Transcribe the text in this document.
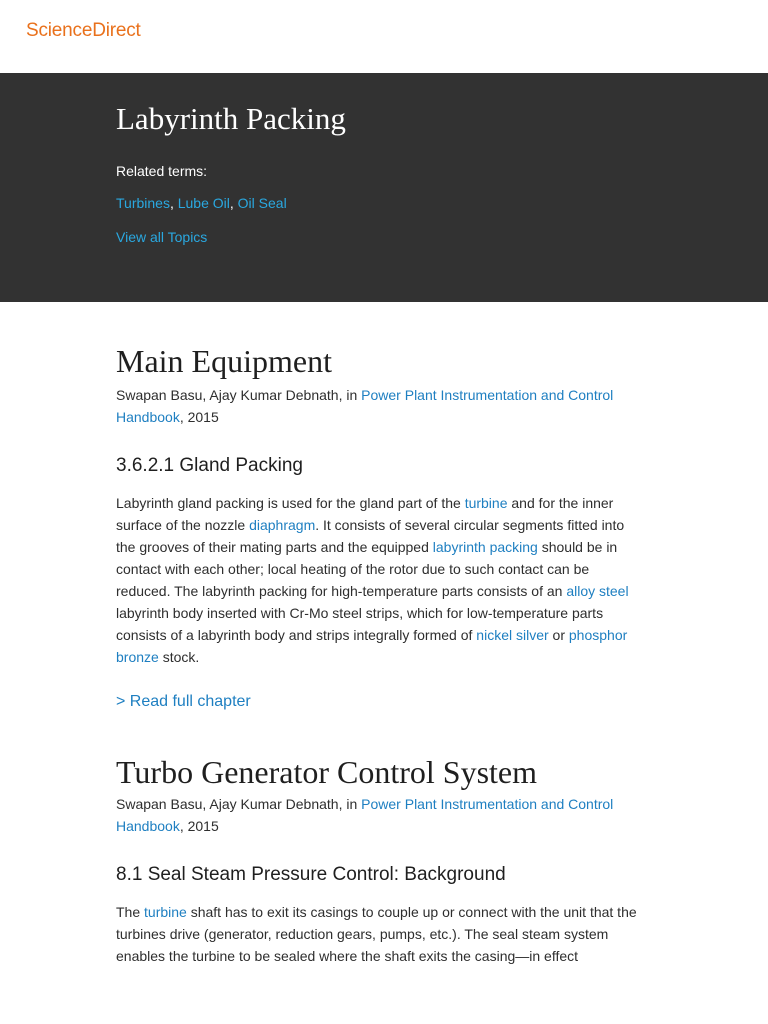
ScienceDirect
Labyrinth Packing
Related terms:
Turbines, Lube Oil, Oil Seal
View all Topics
Main Equipment

Swapan Basu, Ajay Kumar Debnath, in Power Plant Instrumentation and Control Handbook, 2015

3.6.2.1 Gland Packing

Labyrinth gland packing is used for the gland part of the turbine and for the inner surface of the nozzle diaphragm. It consists of several circular segments fitted into the grooves of their mating parts and the equipped labyrinth packing should be in contact with each other; local heating of the rotor due to such contact can be reduced. The labyrinth packing for high-temperature parts consists of an alloy steel labyrinth body inserted with Cr-Mo steel strips, which for low-temperature parts consists of a labyrinth body and strips integrally formed of nickel silver or phosphor bronze stock.

> Read full chapter
Turbo Generator Control System

Swapan Basu, Ajay Kumar Debnath, in Power Plant Instrumentation and Control Handbook, 2015

8.1 Seal Steam Pressure Control: Background

The turbine shaft has to exit its casings to couple up or connect with the unit that the turbines drive (generator, reduction gears, pumps, etc.). The seal steam system enables the turbine to be sealed where the shaft exits the casing—in effect
